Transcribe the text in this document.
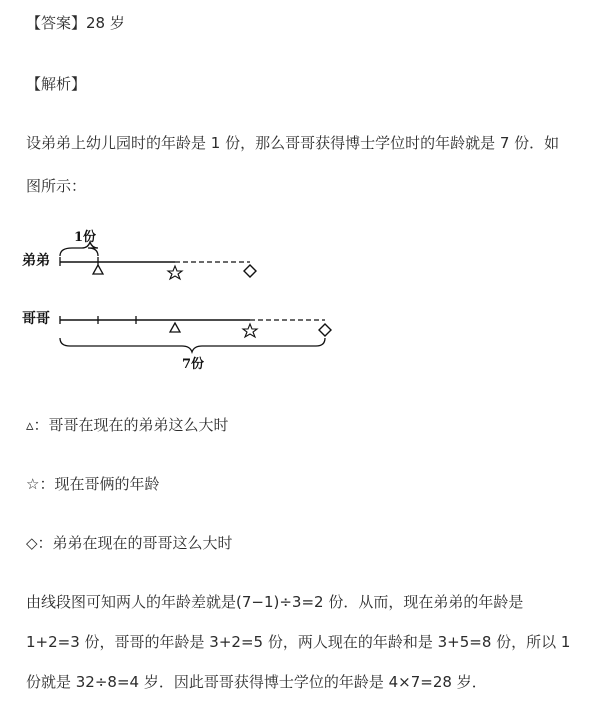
【答案】28 岁
【解析】
设弟弟上幼儿园时的年龄是 1 份，那么哥哥获得博士学位时的年龄就是 7 份．如
图所示：
1份
弟弟
哥哥
7份
▵：哥哥在现在的弟弟这么大时
☆：现在哥俩的年龄
◇：弟弟在现在的哥哥这么大时
由线段图可知两人的年龄差就是(7−1)÷3=2 份．从而，现在弟弟的年龄是
1+2=3 份，哥哥的年龄是 3+2=5 份，两人现在的年龄和是 3+5=8 份，所以 1
份就是 32÷8=4 岁．因此哥哥获得博士学位的年龄是 4×7=28 岁．
